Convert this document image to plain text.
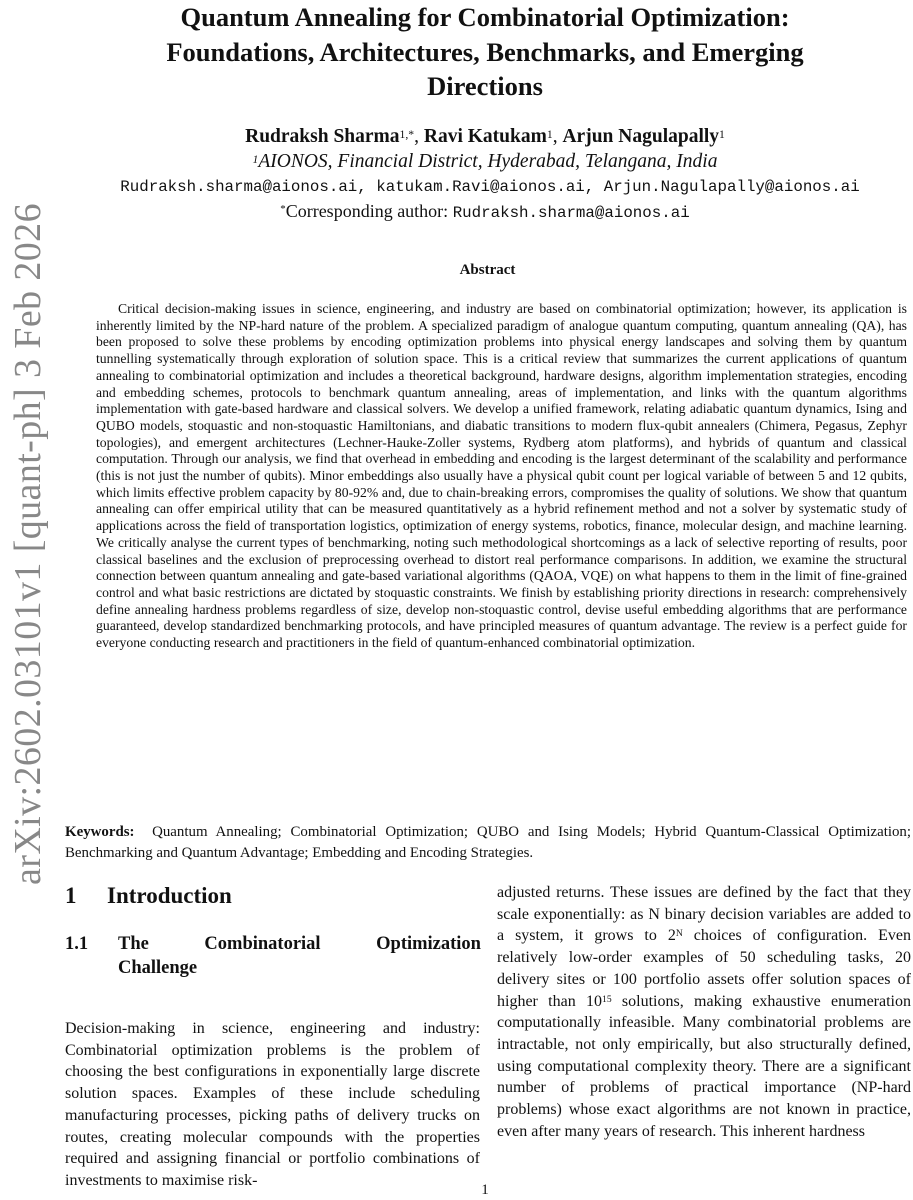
arXiv:2602.03101v1 [quant-ph] 3 Feb 2026
Quantum Annealing for Combinatorial Optimization:
Foundations, Architectures, Benchmarks, and Emerging
Directions
Rudraksh Sharma$^{1,*}$, Ravi Katukam$^1$, Arjun Nagulapally$^1$
$^1$AIONOS, Financial District, Hyderabad, Telangana, India
Rudraksh.sharma@aionos.ai, katukam.Ravi@aionos.ai, Arjun.Nagulapally@aionos.ai
*Corresponding author: Rudraksh.sharma@aionos.ai
Abstract

Critical decision-making issues in science, engineering, and industry are based on combinatorial optimization; however, its application is inherently limited by the NP-hard nature of the problem. A specialized paradigm of analogue quantum computing, quantum annealing (QA), has been proposed to solve these problems by encoding optimization problems into physical energy landscapes and solving them by quantum tunnelling systematically through exploration of solution space. This is a critical review that summarizes the current applications of quantum annealing to combinatorial optimization and includes a theoretical background, hardware designs, algorithm implementation strategies, encoding and embedding schemes, protocols to benchmark quantum annealing, areas of implementation, and links with the quantum algorithms implementation with gate-based hardware and classical solvers. We develop a unified framework, relating adiabatic quantum dynamics, Ising and QUBO models, stoquastic and non-stoquastic Hamiltonians, and diabatic transitions to modern flux-qubit annealers (Chimera, Pegasus, Zephyr topologies), and emergent architectures (Lechner-Hauke-Zoller systems, Rydberg atom platforms), and hybrids of quantum and classical computation. Through our analysis, we find that overhead in embedding and encoding is the largest determinant of the scalability and performance (this is not just the number of qubits). Minor embeddings also usually have a physical qubit count per logical variable of between 5 and 12 qubits, which limits effective problem capacity by 80-92% and, due to chain-breaking errors, compromises the quality of solutions. We show that quantum annealing can offer empirical utility that can be measured quantitatively as a hybrid refinement method and not a solver by systematic study of applications across the field of transportation logistics, optimization of energy systems, robotics, finance, molecular design, and machine learning. We critically analyse the current types of benchmarking, noting such methodological shortcomings as a lack of selective reporting of results, poor classical baselines and the exclusion of preprocessing overhead to distort real performance comparisons. In addition, we examine the structural connection between quantum annealing and gate-based variational algorithms (QAOA, VQE) on what happens to them in the limit of fine-grained control and what basic restrictions are dictated by stoquastic constraints. We finish by establishing priority directions in research: comprehensively define annealing hardness problems regardless of size, develop non-stoquastic control, devise useful embedding algorithms that are performance guaranteed, develop standardized benchmarking protocols, and have principled measures of quantum advantage. The review is a perfect guide for everyone conducting research and practitioners in the field of quantum-enhanced combinatorial optimization.

Keywords: Quantum Annealing; Combinatorial Optimization; QUBO and Ising Models; Hybrid Quantum-Classical Optimization; Benchmarking and Quantum Advantage; Embedding and Encoding Strategies.

1 Introduction
1.1 The	Combinatorial	Optimization
Challenge

Decision-making in science, engineering and industry: Combinatorial optimization problems is the problem of choosing the best configurations in exponentially large discrete solution spaces. Examples of these include scheduling manufacturing processes, picking paths of delivery trucks on routes, creating molecular compounds with the properties required and assigning financial or portfolio combinations of investments to maximise risk-

adjusted returns. These issues are defined by the fact that they scale exponentially: as N binary decision variables are added to a system, it grows to $2^N$ choices of configuration. Even relatively low-order examples of 50 scheduling tasks, 20 delivery sites or 100 portfolio assets offer solution spaces of higher than $10^{15}$ solutions, making exhaustive enumeration computationally infeasible. Many combinatorial problems are intractable, not only empirically, but also structurally defined, using computational complexity theory. There are a significant number of problems of practical importance (NP-hard problems) whose exact algorithms are not known in practice, even after many years of research. This inherent hardness

1
